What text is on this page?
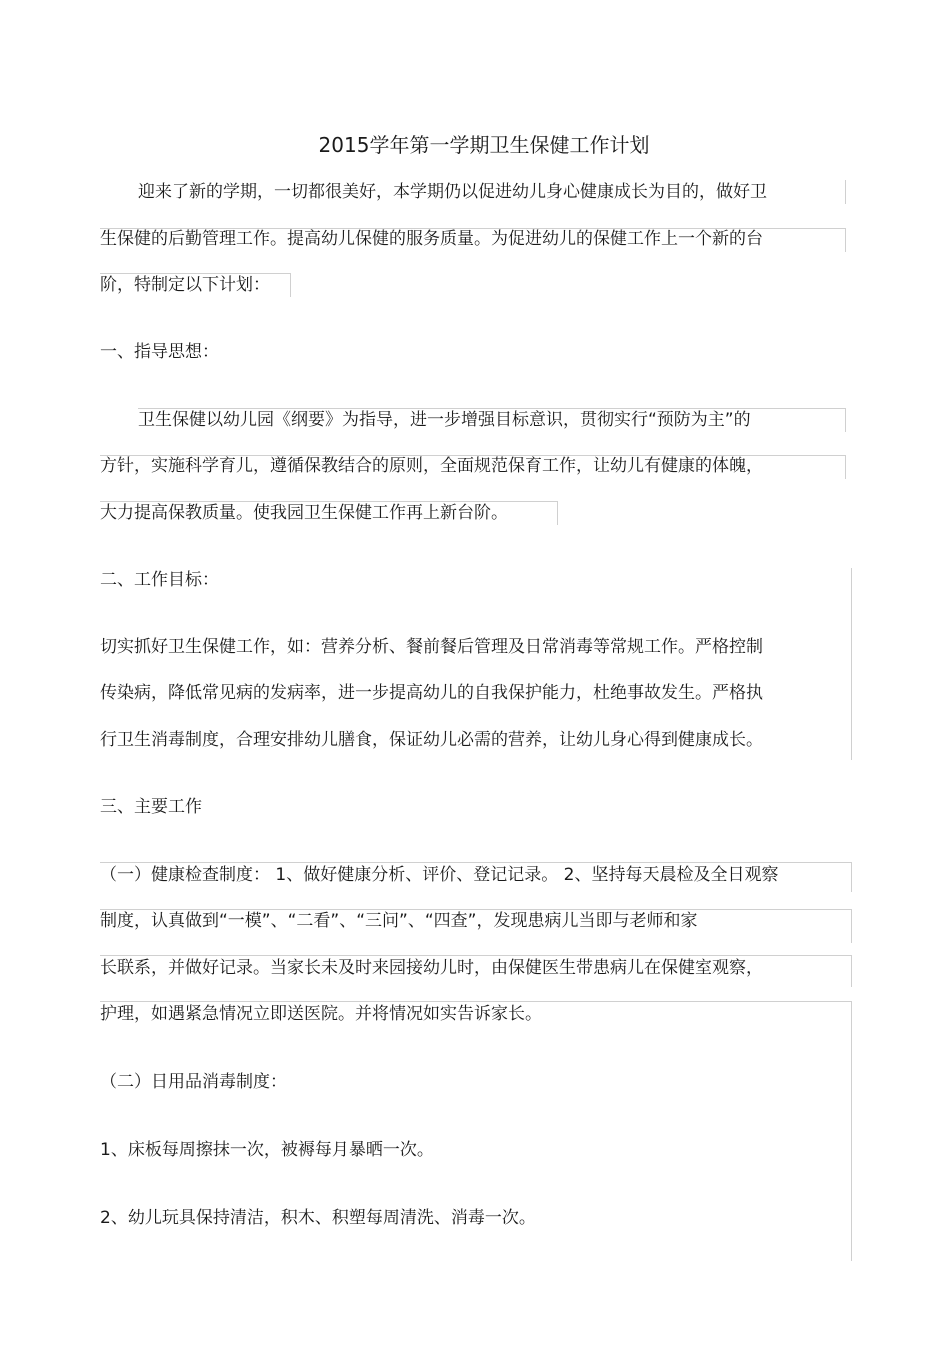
2015学年第一学期卫生保健工作计划
迎来了新的学期，一切都很美好，本学期仍以促进幼儿身心健康成长为目的，做好卫
生保健的后勤管理工作。提高幼儿保健的服务质量。为促进幼儿的保健工作上一个新的台
阶，特制定以下计划：
一、指导思想：
卫生保健以幼儿园《纲要》为指导，进一步增强目标意识，贯彻实行“预防为主”的
方针，实施科学育儿，遵循保教结合的原则，全面规范保育工作，让幼儿有健康的体魄，
大力提高保教质量。使我园卫生保健工作再上新台阶。
二、工作目标：
切实抓好卫生保健工作，如：营养分析、餐前餐后管理及日常消毒等常规工作。严格控制
传染病，降低常见病的发病率，进一步提高幼儿的自我保护能力，杜绝事故发生。严格执
行卫生消毒制度，合理安排幼儿膳食，保证幼儿必需的营养，让幼儿身心得到健康成长。
三、主要工作
（一）健康检查制度： 1、做好健康分析、评价、登记记录。 2、坚持每天晨检及全日观察
制度，认真做到“一模”、“二看”、“三问”、“四查”，发现患病儿当即与老师和家
长联系，并做好记录。当家长未及时来园接幼儿时，由保健医生带患病儿在保健室观察，
护理，如遇紧急情况立即送医院。并将情况如实告诉家长。
（二）日用品消毒制度：
1、床板每周擦抹一次，被褥每月暴晒一次。
2、幼儿玩具保持清洁，积木、积塑每周清洗、消毒一次。
